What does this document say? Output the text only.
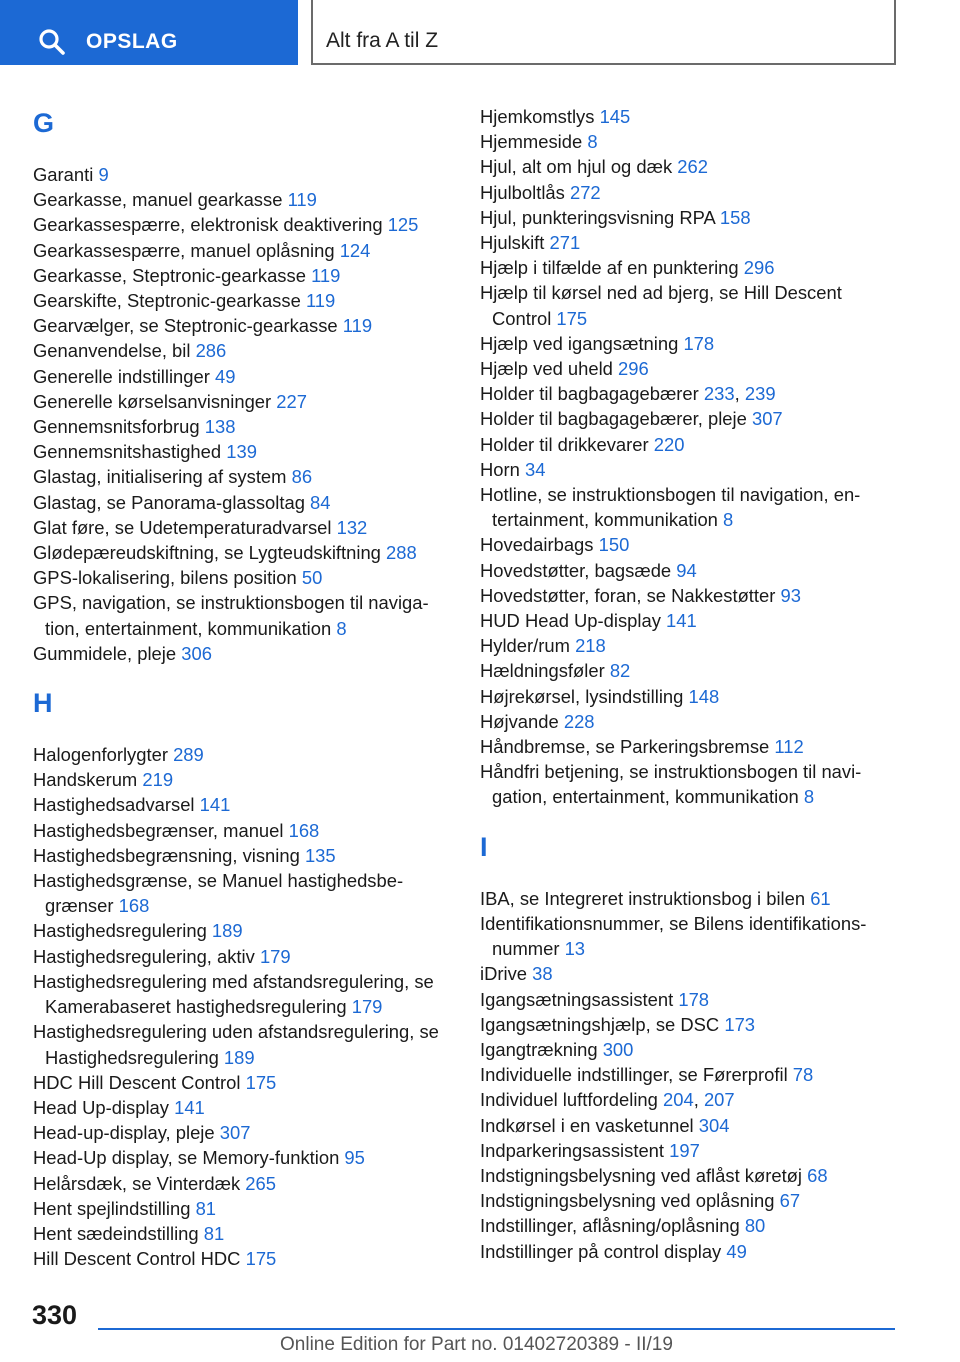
OPSLAG	Alt fra A til Z
G
Garanti 9
Gearkasse, manuel gearkasse 119
Gearkassespærre, elektronisk deaktivering 125
Gearkassespærre, manuel oplåsning 124
Gearkasse, Steptronic-gearkasse 119
Gearskifte, Steptronic-gearkasse 119
Gearvælger, se Steptronic-gearkasse 119
Genanvendelse, bil 286
Generelle indstillinger 49
Generelle kørselsanvisninger 227
Gennemsnitsforbrug 138
Gennemsnitshastighed 139
Glastag, initialisering af system 86
Glastag, se Panorama-glassoltag 84
Glat føre, se Udetemperaturadvarsel 132
Glødepæreudskiftning, se Lygteudskiftning 288
GPS-lokalisering, bilens position 50
GPS, navigation, se instruktionsbogen til naviga‐tion, entertainment, kommunikation 8
Gummidele, pleje 306
H
Halogenforlygter 289
Handskerum 219
Hastighedsadvarsel 141
Hastighedsbegrænser, manuel 168
Hastighedsbegrænsning, visning 135
Hastighedsgrænse, se Manuel hastighedsbe‐grænser 168
Hastighedsregulering 189
Hastighedsregulering, aktiv 179
Hastighedsregulering med afstandsregulering, se Kamerabaseret hastighedsregulering 179
Hastighedsregulering uden afstandsregulering, se Hastighedsregulering 189
HDC Hill Descent Control 175
Head Up-display 141
Head-up-display, pleje 307
Head-Up display, se Memory-funktion 95
Helårsdæk, se Vinterdæk 265
Hent spejlindstilling 81
Hent sædeindstilling 81
Hill Descent Control HDC 175
Hjemkomstlys 145
Hjemmeside 8
Hjul, alt om hjul og dæk 262
Hjulboltlås 272
Hjul, punkteringsvisning RPA 158
Hjulskift 271
Hjælp i tilfælde af en punktering 296
Hjælp til kørsel ned ad bjerg, se Hill Descent Control 175
Hjælp ved igangsætning 178
Hjælp ved uheld 296
Holder til bagbagagebærer 233, 239
Holder til bagbagagebærer, pleje 307
Holder til drikkevarer 220
Horn 34
Hotline, se instruktionsbogen til navigation, en‐tertainment, kommunikation 8
Hovedairbags 150
Hovedstøtter, bagsæde 94
Hovedstøtter, foran, se Nakkestøtter 93
HUD Head Up-display 141
Hylder/rum 218
Hældningsføler 82
Højrekørsel, lysindstilling 148
Højvande 228
Håndbremse, se Parkeringsbremse 112
Håndfri betjening, se instruktionsbogen til navi‐gation, entertainment, kommunikation 8
I
IBA, se Integreret instruktionsbog i bilen 61
Identifikationsnummer, se Bilens identifikations‐nummer 13
iDrive 38
Igangsætningsassistent 178
Igangsætningshjælp, se DSC 173
Igangtrækning 300
Individuelle indstillinger, se Førerprofil 78
Individuel luftfordeling 204, 207
Indkørsel i en vasketunnel 304
Indparkeringsassistent 197
Indstigningsbelysning ved aflåst køretøj 68
Indstigningsbelysning ved oplåsning 67
Indstillinger, aflåsning/oplåsning 80
Indstillinger på control display 49
330
Online Edition for Part no. 01402720389 - II/19
